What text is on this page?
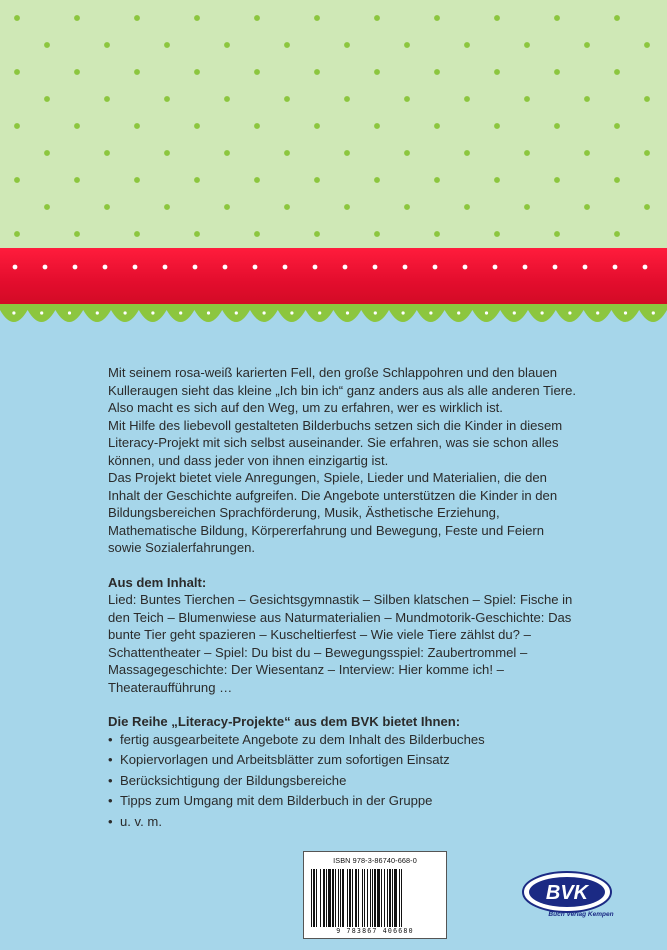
Mit seinem rosa-weiß karierten Fell, den große Schlappohren und den blauen Kulleraugen sieht das kleine „Ich bin ich“ ganz anders aus als alle anderen Tiere. Also macht es sich auf den Weg, um zu erfahren, wer es wirklich ist.

Mit Hilfe des liebevoll gestalteten Bilderbuchs setzen sich die Kinder in diesem Literacy-Projekt mit sich selbst auseinander. Sie erfahren, was sie schon alles können, und dass jeder von ihnen einzigartig ist.

Das Projekt bietet viele Anregungen, Spiele, Lieder und Materialien, die den Inhalt der Geschichte aufgreifen. Die Angebote unterstützen die Kinder in den Bildungsbereichen Sprachförderung, Musik, Ästhetische Erziehung, Mathematische Bildung, Körpererfahrung und Bewegung, Feste und Feiern sowie Sozialerfahrungen.

Aus dem Inhalt:

Lied: Buntes Tierchen – Gesichtsgymnastik – Silben klatschen – Spiel: Fische in den Teich – Blumenwiese aus Naturmaterialien – Mundmotorik-Geschichte: Das bunte Tier geht spazieren – Kuscheltierfest – Wie viele Tiere zählst du? – Schattentheater – Spiel: Du bist du – Bewegungsspiel: Zaubertrommel – Massagegeschichte: Der Wiesentanz – Interview: Hier komme ich! – Theateraufführung …

Die Reihe „Literacy-Projekte“ aus dem BVK bietet Ihnen:

• fertig ausgearbeitete Angebote zu dem Inhalt des Bilderbuches
• Kopiervorlagen und Arbeitsblätter zum sofortigen Einsatz
• Berücksichtigung der Bildungsbereiche
• Tipps zum Umgang mit dem Bilderbuch in der Gruppe
• u. v. m.
ISBN 978-3-86740-668-0
9 783867 406680
BVK
Buch Verlag Kempen
